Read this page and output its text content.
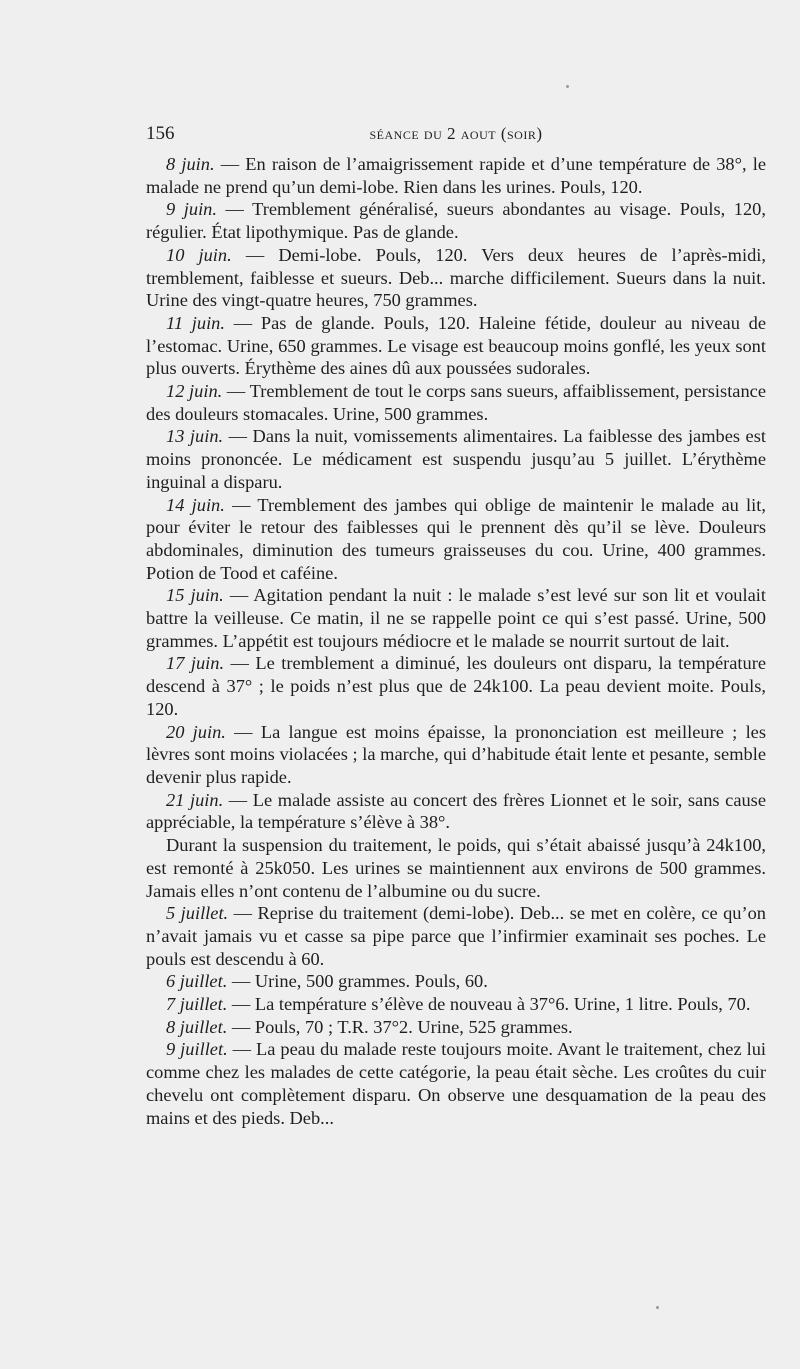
156	séance du 2 aout (soir)

8 juin. — En raison de l’amaigrissement rapide et d’une température de 38°, le malade ne prend qu’un demi-lobe. Rien dans les urines. Pouls, 120.

9 juin. — Tremblement généralisé, sueurs abondantes au visage. Pouls, 120, régulier. État lipothymique. Pas de glande.

10 juin. — Demi-lobe. Pouls, 120. Vers deux heures de l’après-midi, tremblement, faiblesse et sueurs. Deb... marche difficilement. Sueurs dans la nuit. Urine des vingt-quatre heures, 750 grammes.

11 juin. — Pas de glande. Pouls, 120. Haleine fétide, douleur au niveau de l’estomac. Urine, 650 grammes. Le visage est beaucoup moins gonflé, les yeux sont plus ouverts. Érythème des aines dû aux poussées sudorales.

12 juin. — Tremblement de tout le corps sans sueurs, affaiblissement, persistance des douleurs stomacales. Urine, 500 grammes.

13 juin. — Dans la nuit, vomissements alimentaires. La faiblesse des jambes est moins prononcée. Le médicament est suspendu jusqu’au 5 juillet. L’érythème inguinal a disparu.

14 juin. — Tremblement des jambes qui oblige de maintenir le malade au lit, pour éviter le retour des faiblesses qui le prennent dès qu’il se lève. Douleurs abdominales, diminution des tumeurs graisseuses du cou. Urine, 400 grammes. Potion de Tood et caféine.

15 juin. — Agitation pendant la nuit : le malade s’est levé sur son lit et voulait battre la veilleuse. Ce matin, il ne se rappelle point ce qui s’est passé. Urine, 500 grammes. L’appétit est toujours médiocre et le malade se nourrit surtout de lait.

17 juin. — Le tremblement a diminué, les douleurs ont disparu, la température descend à 37° ; le poids n’est plus que de 24k100. La peau devient moite. Pouls, 120.

20 juin. — La langue est moins épaisse, la prononciation est meilleure ; les lèvres sont moins violacées ; la marche, qui d’habitude était lente et pesante, semble devenir plus rapide.

21 juin. — Le malade assiste au concert des frères Lionnet et le soir, sans cause appréciable, la température s’élève à 38°.

Durant la suspension du traitement, le poids, qui s’était abaissé jusqu’à 24k100, est remonté à 25k050. Les urines se maintiennent aux environs de 500 grammes. Jamais elles n’ont contenu de l’albumine ou du sucre.

5 juillet. — Reprise du traitement (demi-lobe). Deb... se met en colère, ce qu’on n’avait jamais vu et casse sa pipe parce que l’infirmier examinait ses poches. Le pouls est descendu à 60.

6 juillet. — Urine, 500 grammes. Pouls, 60.

7 juillet. — La température s’élève de nouveau à 37°6. Urine, 1 litre. Pouls, 70.

8 juillet. — Pouls, 70 ; T.R. 37°2. Urine, 525 grammes.

9 juillet. — La peau du malade reste toujours moite. Avant le traitement, chez lui comme chez les malades de cette catégorie, la peau était sèche. Les croûtes du cuir chevelu ont complètement disparu. On observe une desquamation de la peau des mains et des pieds. Deb...
